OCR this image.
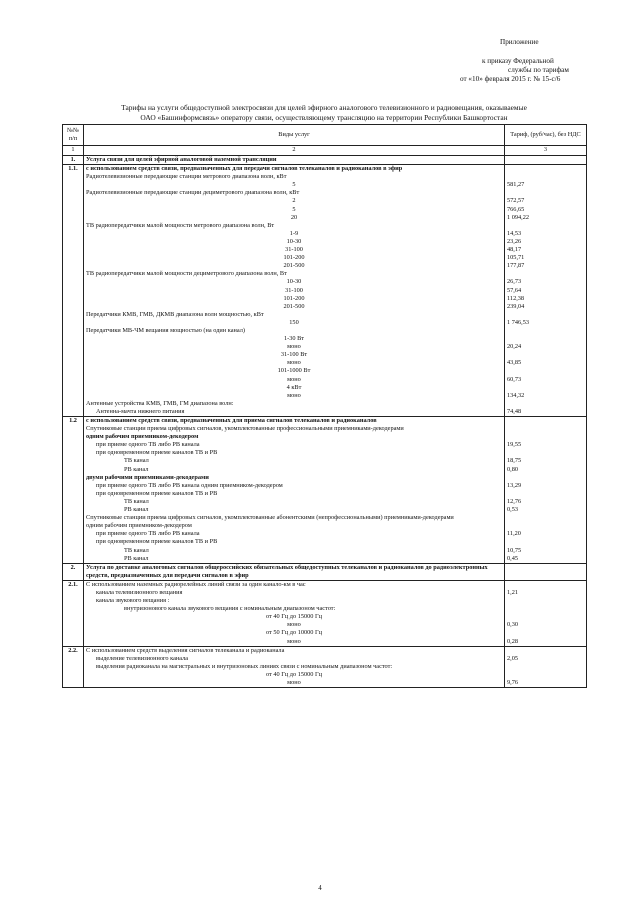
Приложение
к приказу Федеральной
службы по тарифам
от «10» февраля 2015 г. № 15-с/6
Тарифы на услуги общедоступной электросвязи для целей эфирного аналогового телевизионного и радиовещания, оказываемые
ОАО «Башинформсвязь» оператору связи, осуществляющему трансляцию на территории Республики Башкортостан
№№ п/п	Виды услуг	Тариф, (руб/час), без НДС
1	2	3
1.	Услуга связи для целей эфирной аналоговой наземной трансляции	
1.1.	с использованием средств связи, предназначенных для передачи сигналов телеканалов и радиоканалов в эфир	
	Радиотелевизионные передающие станции метрового диапазона волн, кВт	
	5	581,27
	Радиотелевизионные передающие станции дециметрового диапазона волн, кВт	
	2	572,57
	5	766,65
	20	1 094,22
	ТВ радиопередатчики малой мощности метрового диапазона волн, Вт	
	1-9	14,53
	10-30	23,26
	31-100	48,17
	101-200	105,71
	201-500	177,87
	ТВ радиопередатчики малой мощности дециметрового диапазона волн, Вт	
	10-30	26,73
	31-100	57,64
	101-200	112,38
	201-500	239,04
	Передатчики КМВ, ГМВ, ДКМВ диапазона волн мощностью, кВт	
	150	1 746,53
	Передатчики МВ-ЧМ вещания мощностью (на один канал)	
	1-30 Вт	
	моно	20,24
	31-100 Вт	
	моно	43,85
	101-1000 Вт	
	моно	60,73
	4 кВт	
	моно	134,32
	Антенные устройства КМВ, ГМВ, ГМ диапазона волн:	
	Антенна-мачта нижнего питания	74,48
1.2	с использованием средств связи, предназначенных для приема сигналов телеканалов и радиоканалов	
	Спутниковые станции приема цифровых сигналов, укомплектованные профессиональными приемниками-декодерами	
	одним рабочим приемником-декодером	
	при приеме одного ТВ либо РВ канала	19,55
	при одновременном приеме каналов ТВ и РВ	
	ТВ канал	18,75
	РВ канал	0,80
	двумя рабочими приемниками-декодерами	
	при приеме одного ТВ либо РВ канала одним приемником-декодером	13,29
	при одновременном приеме каналов ТВ и РВ	
	ТВ канал	12,76
	РВ канал	0,53
	Спутниковые станции приема цифровых сигналов, укомплектованные абонентскими (непрофессиональными) приемниками-декодерами	
	одним рабочим приемником-декодером	
	при приеме одного ТВ либо РВ канала	11,20
	при одновременном приеме каналов ТВ и РВ	
	ТВ канал	10,75
	РВ канал	0,45
2.	Услуга по доставке аналоговых сигналов общероссийских обязательных общедоступных телеканалов и радиоканалов до радиоэлектронных средств, предназначенных для передачи сигналов в эфир	
2.1.	С использованием наземных радиорелейных линий связи за один канало-км в час	
	канала телевизионного вещания	1,21
	канала звукового вещания :	
	внутризонового канала звукового вещания с номинальным диапазоном частот:	
	от 40 Гц до 15000 Гц	
	моно	0,30
	от 50 Гц до 10000 Гц	
	моно	0,28
2.2.	С использованием средств выделения сигналов телеканала и радиоканала	
	выделение телевизионного канала	2,05
	выделения радиоканала на магистральных и внутризоновых линиях связи с номинальным диапазоном частот:	
	от 40 Гц до 15000 Гц	
	моно	9,76
4
